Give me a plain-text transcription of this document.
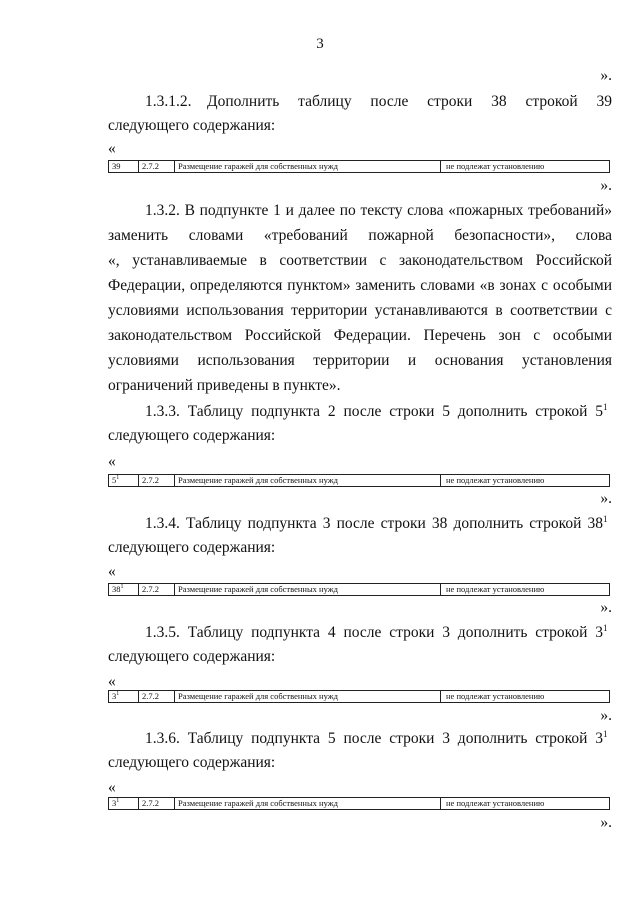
3
».
1.3.1.2. Дополнить таблицу после строки 38 строкой 39
следующего содержания:
«
39	2.7.2	Размещение гаражей для собственных нужд	не подлежат установлению
».
1.3.2. В подпункте 1 и далее по тексту слова «пожарных требований»
заменить словами «требований пожарной безопасности», слова
«, устанавливаемые в соответствии с законодательством Российской
Федерации, определяются пунктом» заменить словами «в зонах с особыми
условиями использования территории устанавливаются в соответствии с
законодательством Российской Федерации. Перечень зон с особыми
условиями использования территории и основания установления
ограничений приведены в пункте».
1.3.3. Таблицу подпункта 2 после строки 5 дополнить строкой $5^1$
следующего содержания:
«
$5^1$	2.7.2	Размещение гаражей для собственных нужд	не подлежат установлению
».
1.3.4. Таблицу подпункта 3 после строки 38 дополнить строкой $38^1$
следующего содержания:
«
$38^1$	2.7.2	Размещение гаражей для собственных нужд	не подлежат установлению
».
1.3.5. Таблицу подпункта 4 после строки 3 дополнить строкой $3^1$
следующего содержания:
«
$3^1$	2.7.2	Размещение гаражей для собственных нужд	не подлежат установлению
».
1.3.6. Таблицу подпункта 5 после строки 3 дополнить строкой $3^1$
следующего содержания:
«
$3^1$	2.7.2	Размещение гаражей для собственных нужд	не подлежат установлению
».
